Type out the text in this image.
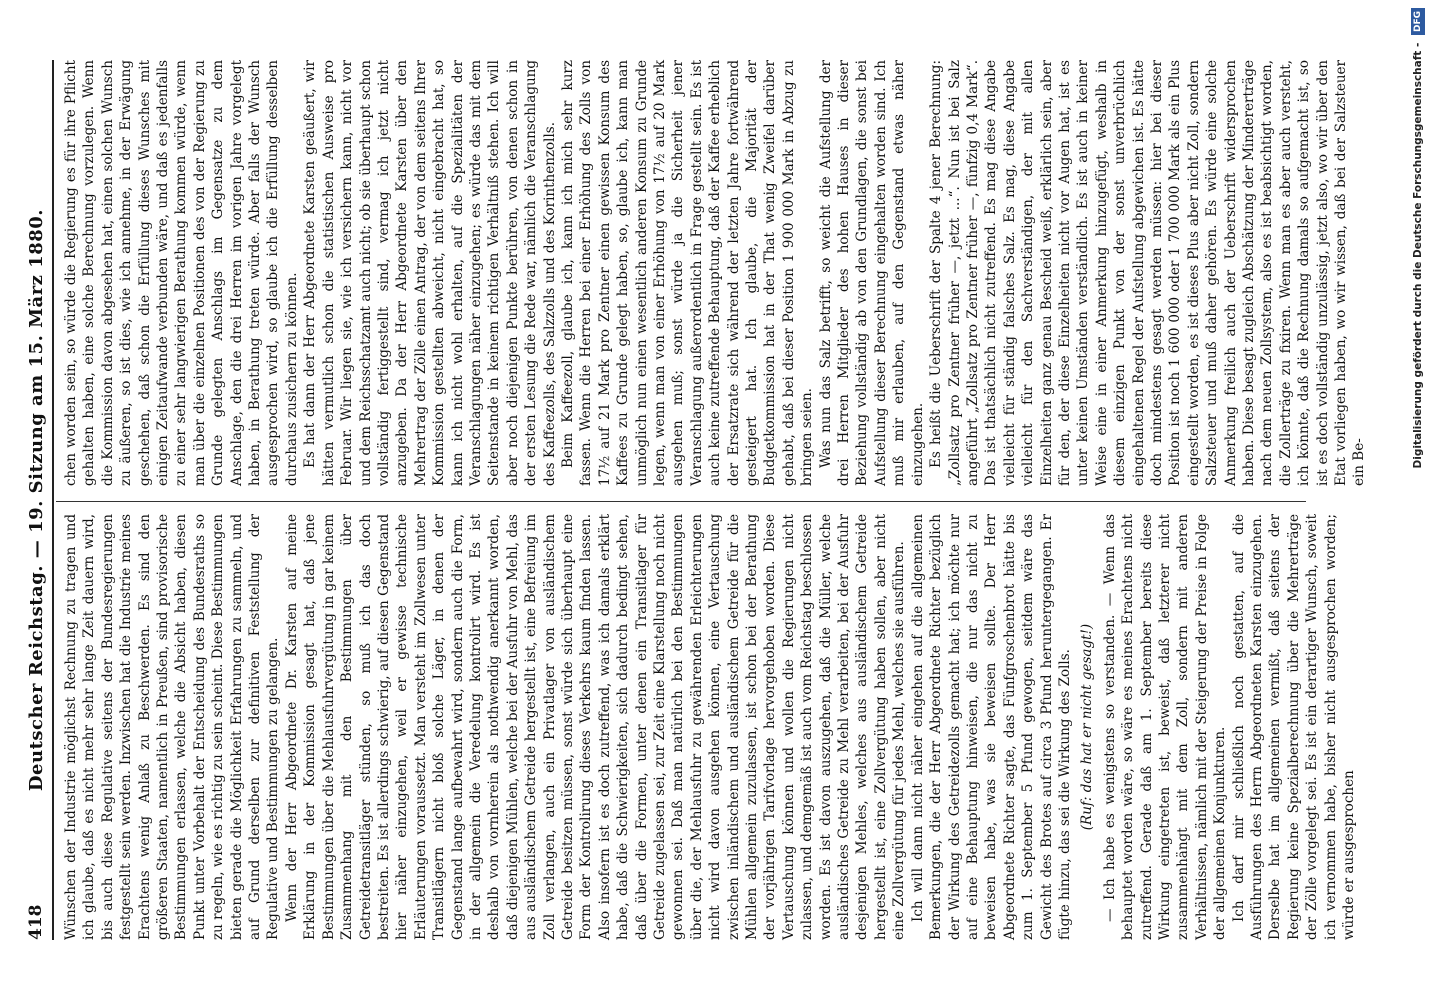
418
Deutscher Reichstag. — 19. Sitzung am 15. März 1880. Wünschen der Industrie möglichst Rechnung zu tragen und ich glaube, daß es nicht mehr sehr lange Zeit dauern wird, bis auch diese Regulative seitens der Bundesregierungen festgestellt sein werden. Inzwischen hat die Industrie meines Erachtens wenig Anlaß zu Beschwerden. Es sind den größeren Staaten, namentlich in Preußen, sind provisorische Bestimmungen erlassen, welche die Absicht haben, diesen Punkt unter Vorbehalt der Entscheidung des Bundesraths so zu regeln, wie es richtig zu sein scheint. Diese Bestimmungen bieten gerade die Möglichkeit Erfahrungen zu sammeln, und auf Grund derselben zur definitiven Feststellung der Regulative und Bestimmungen zu gelangen. Wenn der Herr Abgeordnete Dr. Karsten auf meine Erklärung in der Kommission gesagt hat, daß jene Bestimmungen über die Mehlausfuhrvergütung in gar keinem Zusammenhang mit den Bestimmungen über Getreidetransitläger stünden, so muß ich das doch bestreiten. Es ist allerdings schwierig, auf diesen Gegenstand hier näher einzugehen, weil er gewisse technische Erläuterungen voraussetzt. Man versteht im Zollwesen unter Transitlägern nicht bloß solche Läger, in denen der Gegenstand lange aufbewahrt wird, sondern auch die Form, in der allgemein die Veredelung kontrolirt wird. Es ist deshalb von vornherein als nothwendig anerkannt worden, daß diejenigen Mühlen, welche bei der Ausfuhr von Mehl, das aus ausländischem Getreide hergestellt ist, eine Befreiung im Zoll verlangen, auch ein Privatlager von ausländischem Getreide besitzen müssen, sonst würde sich überhaupt eine Form der Kontrolirung dieses Verkehrs kaum finden lassen. Also insofern ist es doch zutreffend, was ich damals erklärt habe, daß die Schwierigkeiten, sich dadurch bedingt sehen, daß über die Formen, unter denen ein Transitlager für Getreide zugelassen sei, zur Zeit eine Klarstellung noch nicht gewonnen sei. Daß man natürlich bei den Bestimmungen über die, der Mehlausfuhr zu gewährenden Erleichterungen nicht wird davon ausgehen können, eine Vertauschung zwischen inländischem und ausländischem Getreide für die Mühlen allgemein zuzulassen, ist schon bei der Berathung der vorjährigen Tarifvorlage hervorgehoben worden. Diese Vertauschung können und wollen die Regierungen nicht zulassen, und demgemäß ist auch vom Reichstag beschlossen worden. Es ist davon auszugehen, daß die Müller, welche ausländisches Getreide zu Mehl verarbeiten, bei der Ausfuhr desjenigen Mehles, welches aus ausländischem Getreide hergestellt ist, eine Zollvergütung haben sollen, aber nicht eine Zollvergütung für jedes Mehl, welches sie ausführen. Ich will dann nicht näher eingehen auf die allgemeinen Bemerkungen, die der Herr Abgeordnete Richter bezüglich der Wirkung des Getreidezolls gemacht hat; ich möchte nur auf eine Behauptung hinweisen, die nur das nicht zu beweisen habe, was sie beweisen sollte. Der Herr Abgeordnete Richter sagte, das Fünfgroschenbrot hätte bis zum 1. September 5 Pfund gewogen, seitdem wäre das Gewicht des Brotes auf circa 3 Pfund heruntergegangen. Er fügte hinzu, das sei die Wirkung des Zolls. (Ruf: das hat er nicht gesagt!) — Ich habe es wenigstens so verstanden. — Wenn das behauptet worden wäre, so wäre es meines Erachtens nicht zutreffend. Gerade daß am 1. September bereits diese Wirkung eingetreten ist, beweist, daß letzterer nicht zusammenhängt mit dem Zoll, sondern mit anderen Verhältnissen, nämlich mit der Steigerung der Preise in Folge der allgemeinen Konjunkturen. Ich darf mir schließlich noch gestatten, auf die Ausführungen des Herrn Abgeordneten Karsten einzugehen. Derselbe hat im allgemeinen vermißt, daß seitens der Regierung keine Spezialberechnung über die Mehrerträge der Zölle vorgelegt sei. Es ist ein derartiger Wunsch, soweit ich vernommen habe, bisher nicht ausgesprochen worden; würde er ausgesprochen

chen worden sein, so würde die Regierung es für ihre Pflicht gehalten haben, eine solche Berechnung vorzulegen. Wenn die Kommission davon abgesehen hat, einen solchen Wunsch zu äußeren, so ist dies, wie ich annehme, in der Erwägung geschehen, daß schon die Erfüllung dieses Wunsches mit einigen Zeitaufwande verbunden wäre, und daß es jedenfalls zu einer sehr langwierigen Berathung kommen würde, wenn man über die einzelnen Positionen des von der Regierung zu Grunde gelegten Anschlags im Gegensatze zu dem Anschlage, den die drei Herren im vorigen Jahre vorgelegt haben, in Berathung treten würde. Aber falls der Wunsch ausgesprochen wird, so glaube ich die Erfüllung desselben durchaus zusichern zu können. Es hat dann der Herr Abgeordnete Karsten geäußert, wir hätten vermutlich schon die statistischen Ausweise pro Februar. Wir liegen sie, wie ich versichern kann, nicht vor und dem Reichsschatzamt auch nicht; ob sie überhaupt schon vollständig fertiggestellt sind, vermag ich jetzt nicht anzugeben. Da der Herr Abgeordnete Karsten über den Mehrertrag der Zölle einen Antrag, der von dem seitens Ihrer Kommission gestellten abweicht, nicht eingebracht hat, so kann ich nicht wohl erhalten, auf die Spezialitäten der Veranschlagungen näher einzugehen; es würde das mit dem Seitenstande in keinem richtigen Verhältniß stehen. Ich will aber noch diejenigen Punkte berühren, von denen schon in der ersten Lesung die Rede war, nämlich die Veranschlagung des Kaffeezolls, des Salzzolls und des Korinthenzolls. Beim Kaffeezoll, glaube ich, kann ich mich sehr kurz fassen. Wenn die Herren bei einer Erhöhung des Zolls von 17½ auf 21 Mark pro Zentner einen gewissen Konsum des Kaffees zu Grunde gelegt haben, so, glaube ich, kann man unmöglich nun einen wesentlich anderen Konsum zu Grunde legen, wenn man von einer Erhöhung von 17½ auf 20 Mark ausgehen muß; sonst würde ja die Sicherheit jener Veranschlagung außerordentlich in Frage gestellt sein. Es ist auch keine zutreffende Behauptung, daß der Kaffee erheblich der Ersatzrate sich während der letzten Jahre fortwährend gesteigert hat. Ich glaube, die Majorität der Budgetkommission hat in der That wenig Zweifel darüber gehabt, daß bei dieser Position 1 900 000 Mark in Abzug zu bringen seien. Was nun das Salz betrifft, so weicht die Aufstellung der drei Herren Mitglieder des hohen Hauses in dieser Beziehung vollständig ab von den Grundlagen, die sonst bei Aufstellung dieser Berechnung eingehalten worden sind. Ich muß mir erlauben, auf den Gegenstand etwas näher einzugehen. Es heißt die Ueberschrift der Spalte 4 jener Berechnung: „Zollsatz pro Zentner früher —, jetzt ...“. Nun ist bei Salz angeführt „Zollsatz pro Zentner früher —, fünfzig 0,4 Mark“. Das ist thatsächlich nicht zutreffend. Es mag diese Angabe vielleicht für ständig falsches Salz. Es mag, diese Angabe vielleicht für den Sachverständigen, der mit allen Einzelheiten ganz genau Bescheid weiß, erklärlich sein, aber für den, der diese Einzelheiten nicht vor Augen hat, ist es unter keinen Umständen verständlich. Es ist auch in keiner Weise eine in einer Anmerkung hinzugefügt, weshalb in diesem einzigen Punkt von der sonst unverbrüchlich eingehaltenen Regel der Aufstellung abgewichen ist. Es hätte doch mindestens gesagt werden müssen: hier bei dieser Position ist noch 1 600 000 oder 1 700 000 Mark als ein Plus eingestellt worden, es ist dieses Plus aber nicht Zoll, sondern Salzsteuer und muß daher gehören. Es würde eine solche Anmerkung freilich auch der Ueberschrift widersprochen haben. Diese besagt zugleich Abschätzung der Mindererträge nach dem neuen Zollsystem, also es ist beabsichtigt worden, die Zollerträge zu fixiren. Wenn man es aber auch versteht, ich könnte, daß die Rechnung damals so aufgemacht ist, so ist es doch vollständig unzulässig, jetzt also, wo wir über den Etat vorliegen haben, wo wir wissen, daß bei der Salzsteuer ein Be-	Digitalisierung gefördert durch die Deutsche Forschungsgemeinschaft - DFG
